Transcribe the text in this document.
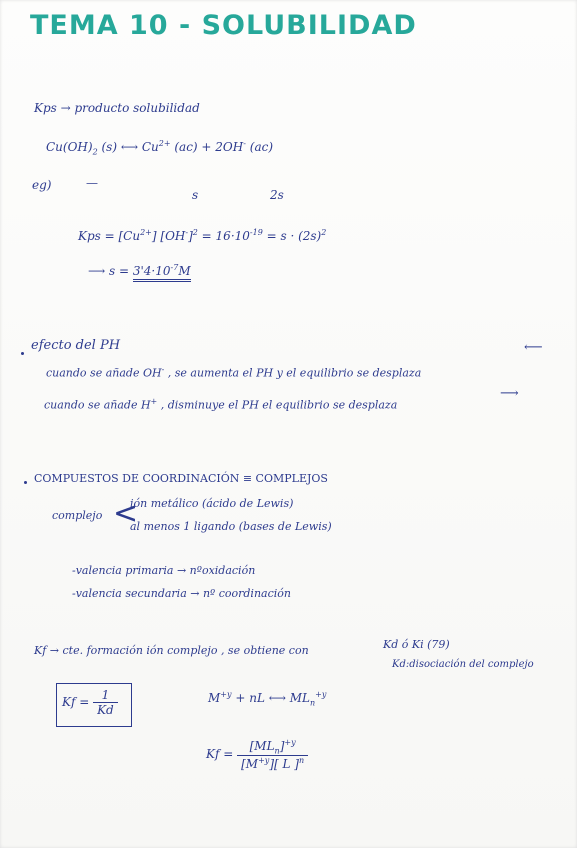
TEMA 10 - SOLUBILIDAD
Kps → producto solubilidad
$Cu(OH)_2$ (s) ⟷ $Cu^{2+}$ (ac) + 2OH- (ac)
eg)	—
s	2s
Kps = $[Cu^{2+}] [OH^-]^2 = 16\cdot 10^{-19} = s \cdot (2s)^2$
⟶ $s = 3'4\cdot 10^{-7}M$
efecto del PH
cuando se añade OH- , se aumenta el PH y el equilibrio se desplaza
⟵
cuando se añade H+ , disminuye el PH el equilibrio se desplaza
⟶
COMPUESTOS DE COORDINACIÓN ≡ COMPLEJOS
complejo <
ión metálico (ácido de Lewis)
al menos 1 ligando (bases de Lewis)
-valencia primaria → nºoxidación
-valencia secundaria → nº coordinación
Kf → cte. formación ión complejo , se obtiene con	Kd ó Ki (79)
Kd:disociación del complejo
$Kf = \frac{1}{Kd}$	$M^{+y}$ + nL ⟷ $ML_n^{+y}$
$Kf = \frac{[ML_n]^{+y}}{[M^{+y}][ L ]^n}$
